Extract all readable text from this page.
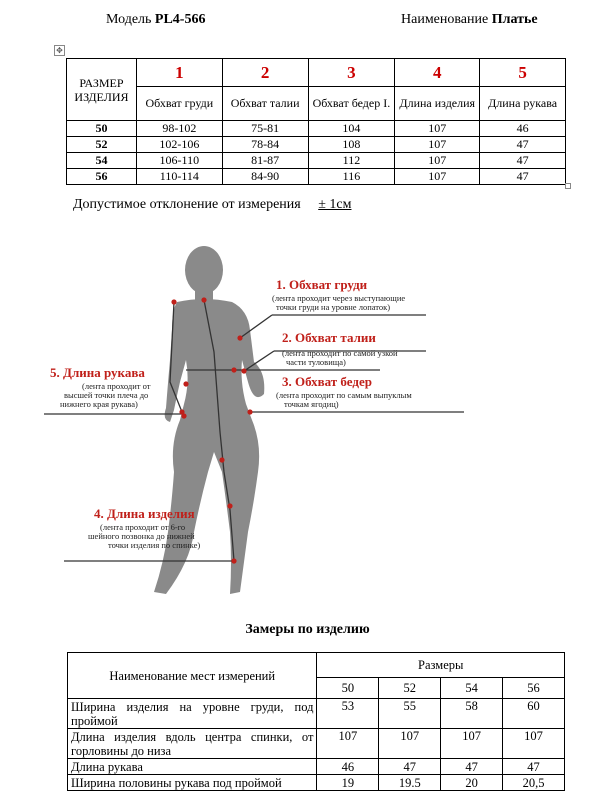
Модель PL4-566	Наименование Платье
✥
РАЗМЕР ИЗДЕЛИЯ	1	2	3	4	5
	Обхват груди	Обхват талии	Обхват бедер I.	Длина изделия	Длина рукава
50	98-102	75-81	104	107	46
52	102-106	78-84	108	107	47
54	106-110	81-87	112	107	47
56	110-114	84-90	116	107	47
Допустимое отклонение от измерения ± 1см
1. Обхват груди
(лента проходит через выступающие
точки груди на уровне лопаток)
2. Обхват талии
(лента проходит по самой узкой
части туловища)
3. Обхват бедер
(лента проходит по самым выпуклым
точкам ягодиц)
5. Длина рукава
(лента проходит от
высшей точки плеча до
нижнего края рукава)
4. Длина изделия
(лента проходит от 6-го
шейного позвонка до нижней
точки изделия по спинке)
Замеры по изделию
Наименование мест измерений	Размеры			
	50	52	54	56
Ширина изделия на уровне груди, под проймой	53	55	58	60
Длина изделия вдоль центра спинки, от горловины до низа	107	107	107	107
Длина рукава	46	47	47	47
Ширина половины рукава под проймой	19	19.5	20	20,5
